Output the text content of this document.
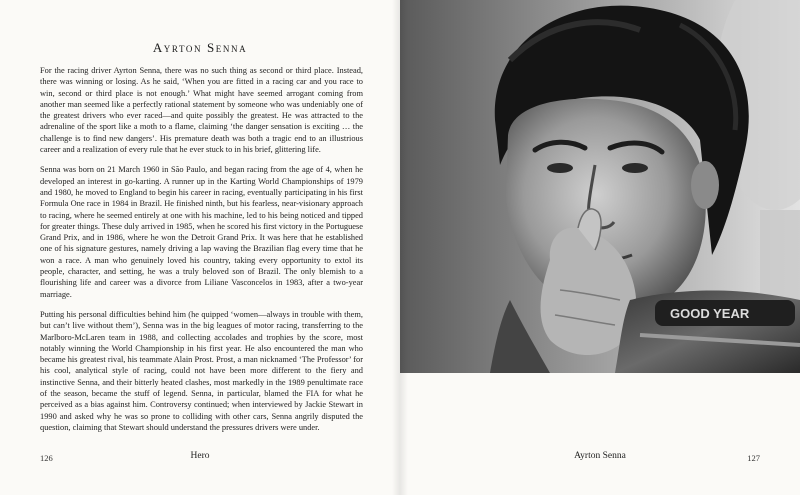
Ayrton Senna

For the racing driver Ayrton Senna, there was no such thing as second or third place. Instead, there was winning or losing. As he said, ‘When you are fitted in a racing car and you race to win, second or third place is not enough.’ What might have seemed arrogant coming from another man seemed like a perfectly rational statement by someone who was undeniably one of the greatest drivers who ever raced—and quite possibly the greatest. He was attracted to the adrenaline of the sport like a moth to a flame, claiming ‘the danger sensation is exciting … the challenge is to find new dangers’. His premature death was both a tragic end to an illustrious career and a realization of every rule that he ever stuck to in his brief, glittering life.

Senna was born on 21 March 1960 in São Paulo, and began racing from the age of 4, when he developed an interest in go-karting. A runner up in the Karting World Championships of 1979 and 1980, he moved to England to begin his career in racing, eventually participating in his first Formula One race in 1984 in Brazil. He finished ninth, but his fearless, near-visionary approach to racing, where he seemed entirely at one with his machine, led to his being noticed and tipped for greater things. These duly arrived in 1985, when he scored his first victory in the Portuguese Grand Prix, and in 1986, where he won the Detroit Grand Prix. It was here that he established one of his signature gestures, namely driving a lap waving the Brazilian flag every time that he won a race. A man who genuinely loved his country, taking every opportunity to extol its people, character, and setting, he was a truly beloved son of Brazil. The only blemish to a flourishing life and career was a divorce from Liliane Vasconcelos in 1983, after a two-year marriage.

Putting his personal difficulties behind him (he quipped ‘women—always in trouble with them, but can’t live without them’), Senna was in the big leagues of motor racing, transferring to the Marlboro-McLaren team in 1988, and collecting accolades and trophies by the score, most notably winning the World Championship in his first year. He also encountered the man who became his greatest rival, his teammate Alain Prost. Prost, a man nicknamed ‘The Professor’ for his cool, analytical style of racing, could not have been more different to the fiery and instinctive Senna, and their bitterly heated clashes, most markedly in the 1989 penultimate race of the season, became the stuff of legend. Senna, in particular, blamed the FIA for what he perceived as a bias against him. Controversy continued; when interviewed by Jackie Stewart in 1990 and asked why he was so prone to colliding with other cars, Senna angrily disputed the question, claiming that Stewart should understand the pressures drivers were under.

126	Hero
GOOD YEAR
Ayrton Senna	127
